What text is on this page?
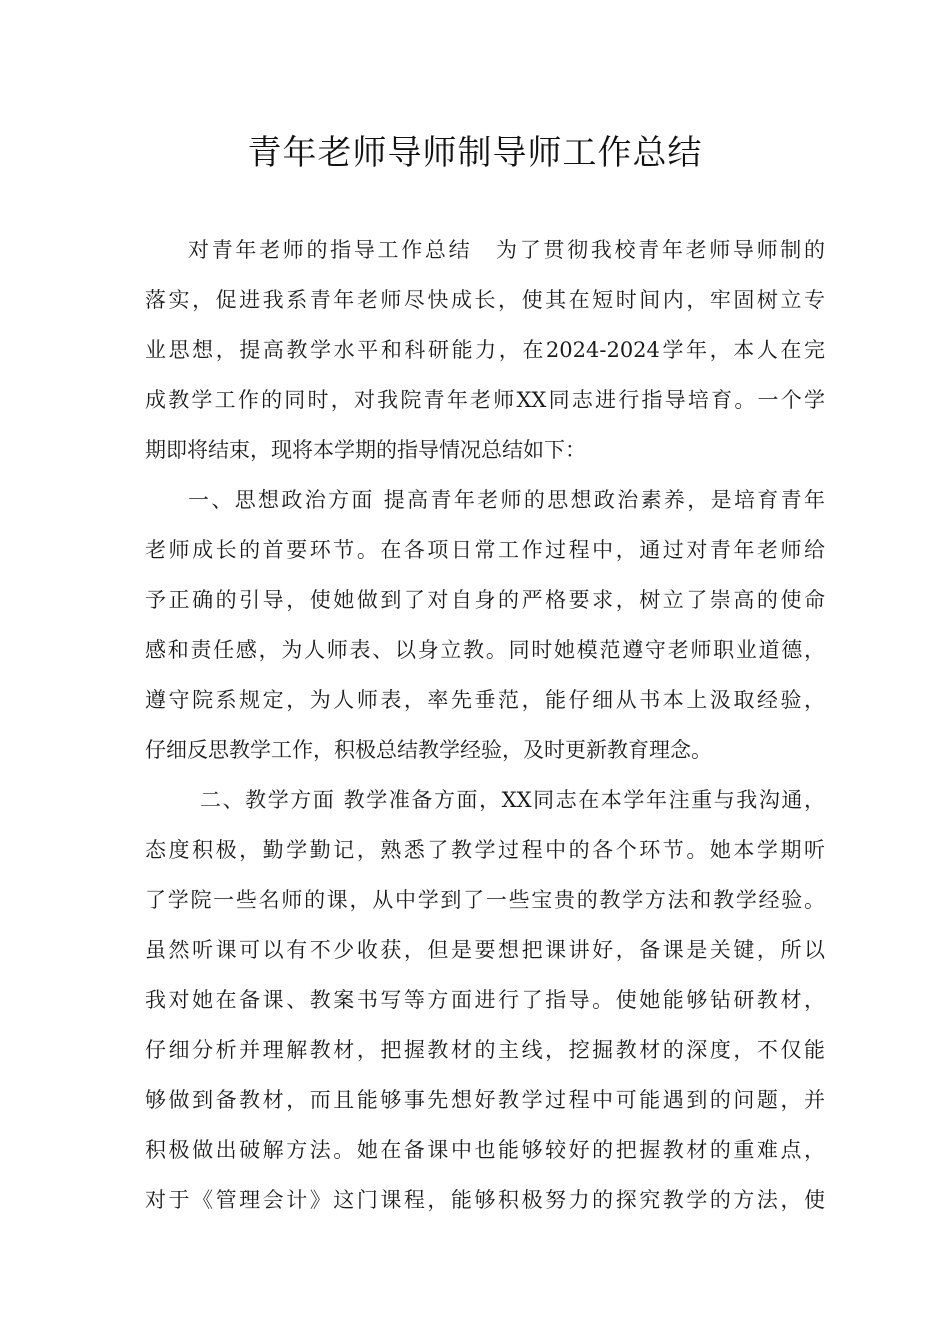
青年老师导师制导师工作总结
对青年老师的指导工作总结　为了贯彻我校青年老师导师制的
落实，促进我系青年老师尽快成长，使其在短时间内，牢固树立专
业思想，提高教学水平和科研能力，在2024-2024学年，本人在完
成教学工作的同时，对我院青年老师XX同志进行指导培育。一个学
期即将结束，现将本学期的指导情况总结如下：
一、思想政治方面 提高青年老师的思想政治素养，是培育青年
老师成长的首要环节。在各项日常工作过程中，通过对青年老师给
予正确的引导，使她做到了对自身的严格要求，树立了崇高的使命
感和责任感，为人师表、以身立教。同时她模范遵守老师职业道德，
遵守院系规定，为人师表，率先垂范，能仔细从书本上汲取经验，
仔细反思教学工作，积极总结教学经验，及时更新教育理念。
二、教学方面 教学准备方面，XX同志在本学年注重与我沟通，
态度积极，勤学勤记，熟悉了教学过程中的各个环节。她本学期听
了学院一些名师的课，从中学到了一些宝贵的教学方法和教学经验。
虽然听课可以有不少收获，但是要想把课讲好，备课是关键，所以
我对她在备课、教案书写等方面进行了指导。使她能够钻研教材，
仔细分析并理解教材，把握教材的主线，挖掘教材的深度，不仅能
够做到备教材，而且能够事先想好教学过程中可能遇到的问题，并
积极做出破解方法。她在备课中也能够较好的把握教材的重难点，
对于《管理会计》这门课程，能够积极努力的探究教学的方法，使
